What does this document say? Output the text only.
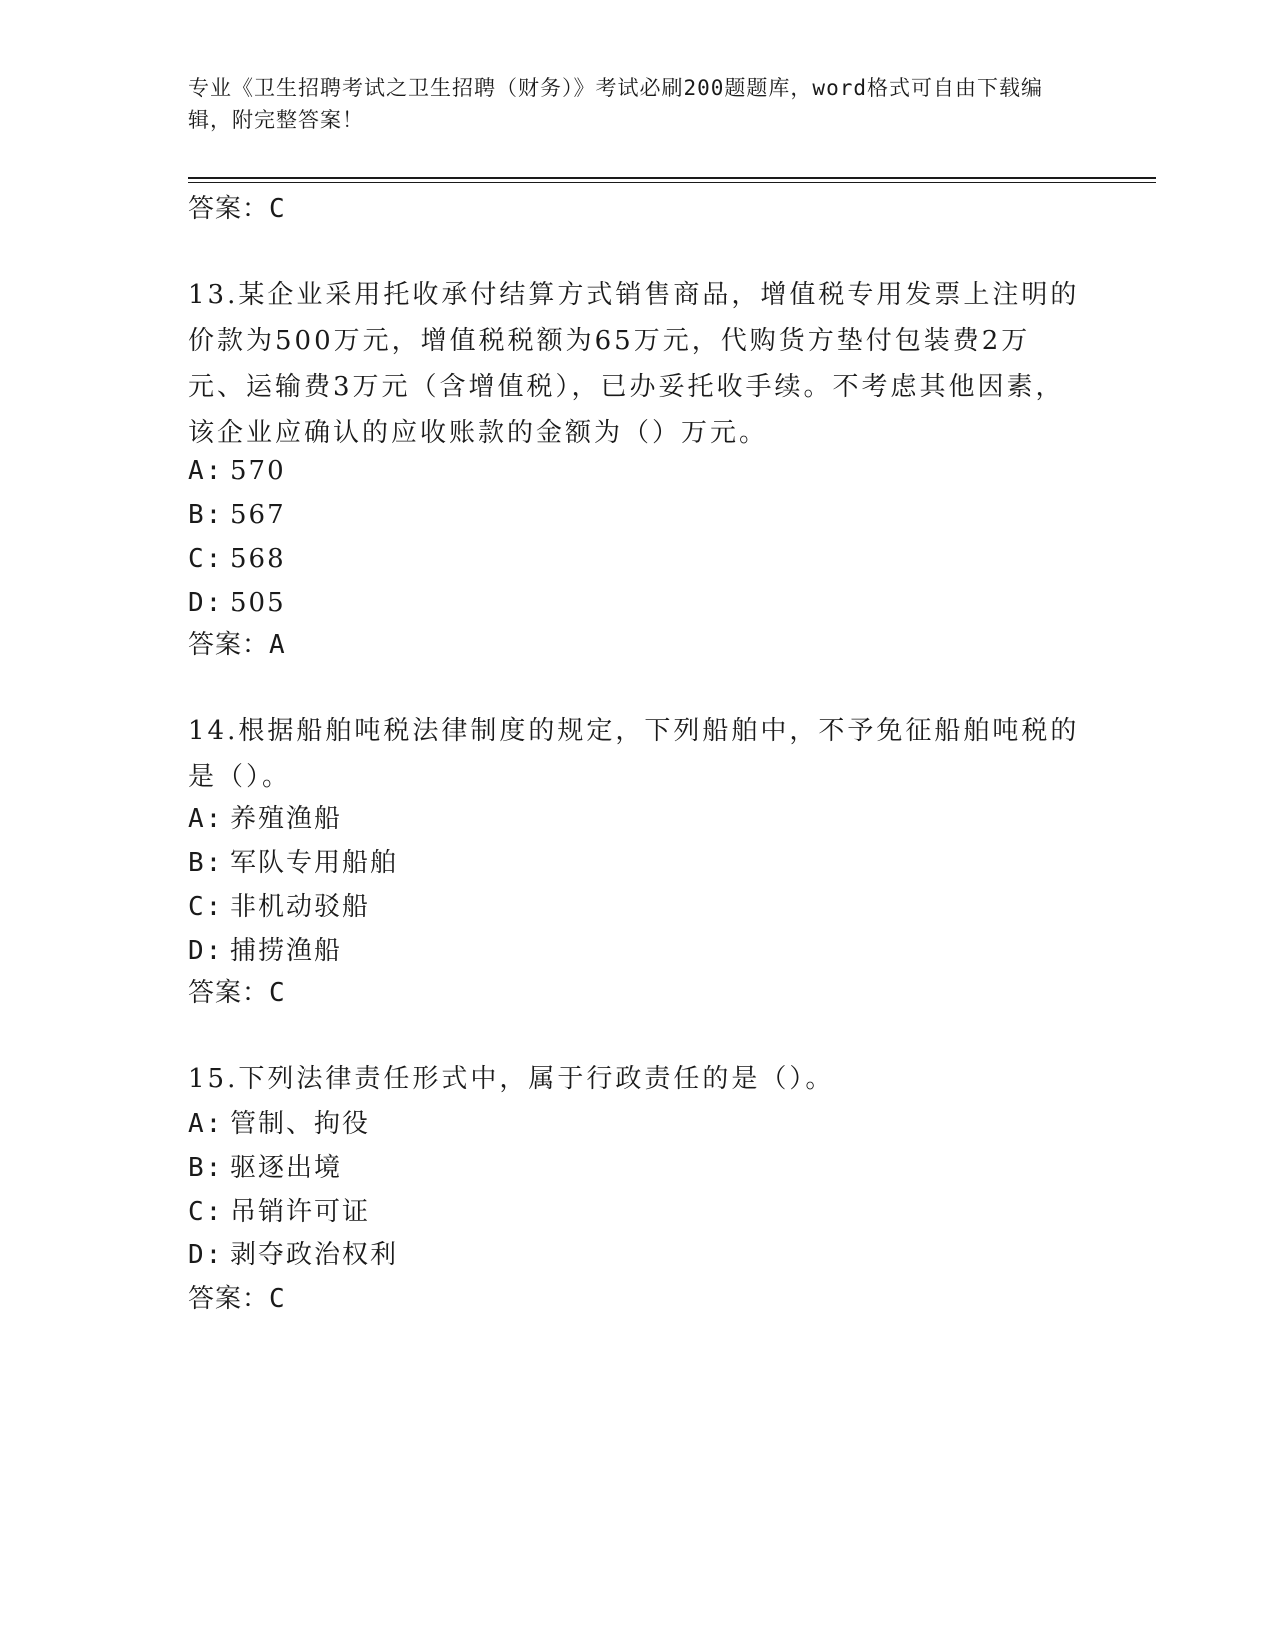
专业《卫生招聘考试之卫生招聘（财务）》考试必刷200题题库，word格式可自由下载编辑，附完整答案！
答案：C
13.某企业采用托收承付结算方式销售商品，增值税专用发票上注明的价款为500万元，增值税税额为65万元，代购货方垫付包装费2万元、运输费3万元（含增值税），已办妥托收手续。不考虑其他因素，该企业应确认的应收账款的金额为（）万元。
A: 570
B: 567
C: 568
D: 505
答案：A
14.根据船舶吨税法律制度的规定，下列船舶中，不予免征船舶吨税的是（）。
A: 养殖渔船
B: 军队专用船舶
C: 非机动驳船
D: 捕捞渔船
答案：C
15.下列法律责任形式中，属于行政责任的是（）。
A: 管制、拘役
B: 驱逐出境
C: 吊销许可证
D: 剥夺政治权利
答案：C
